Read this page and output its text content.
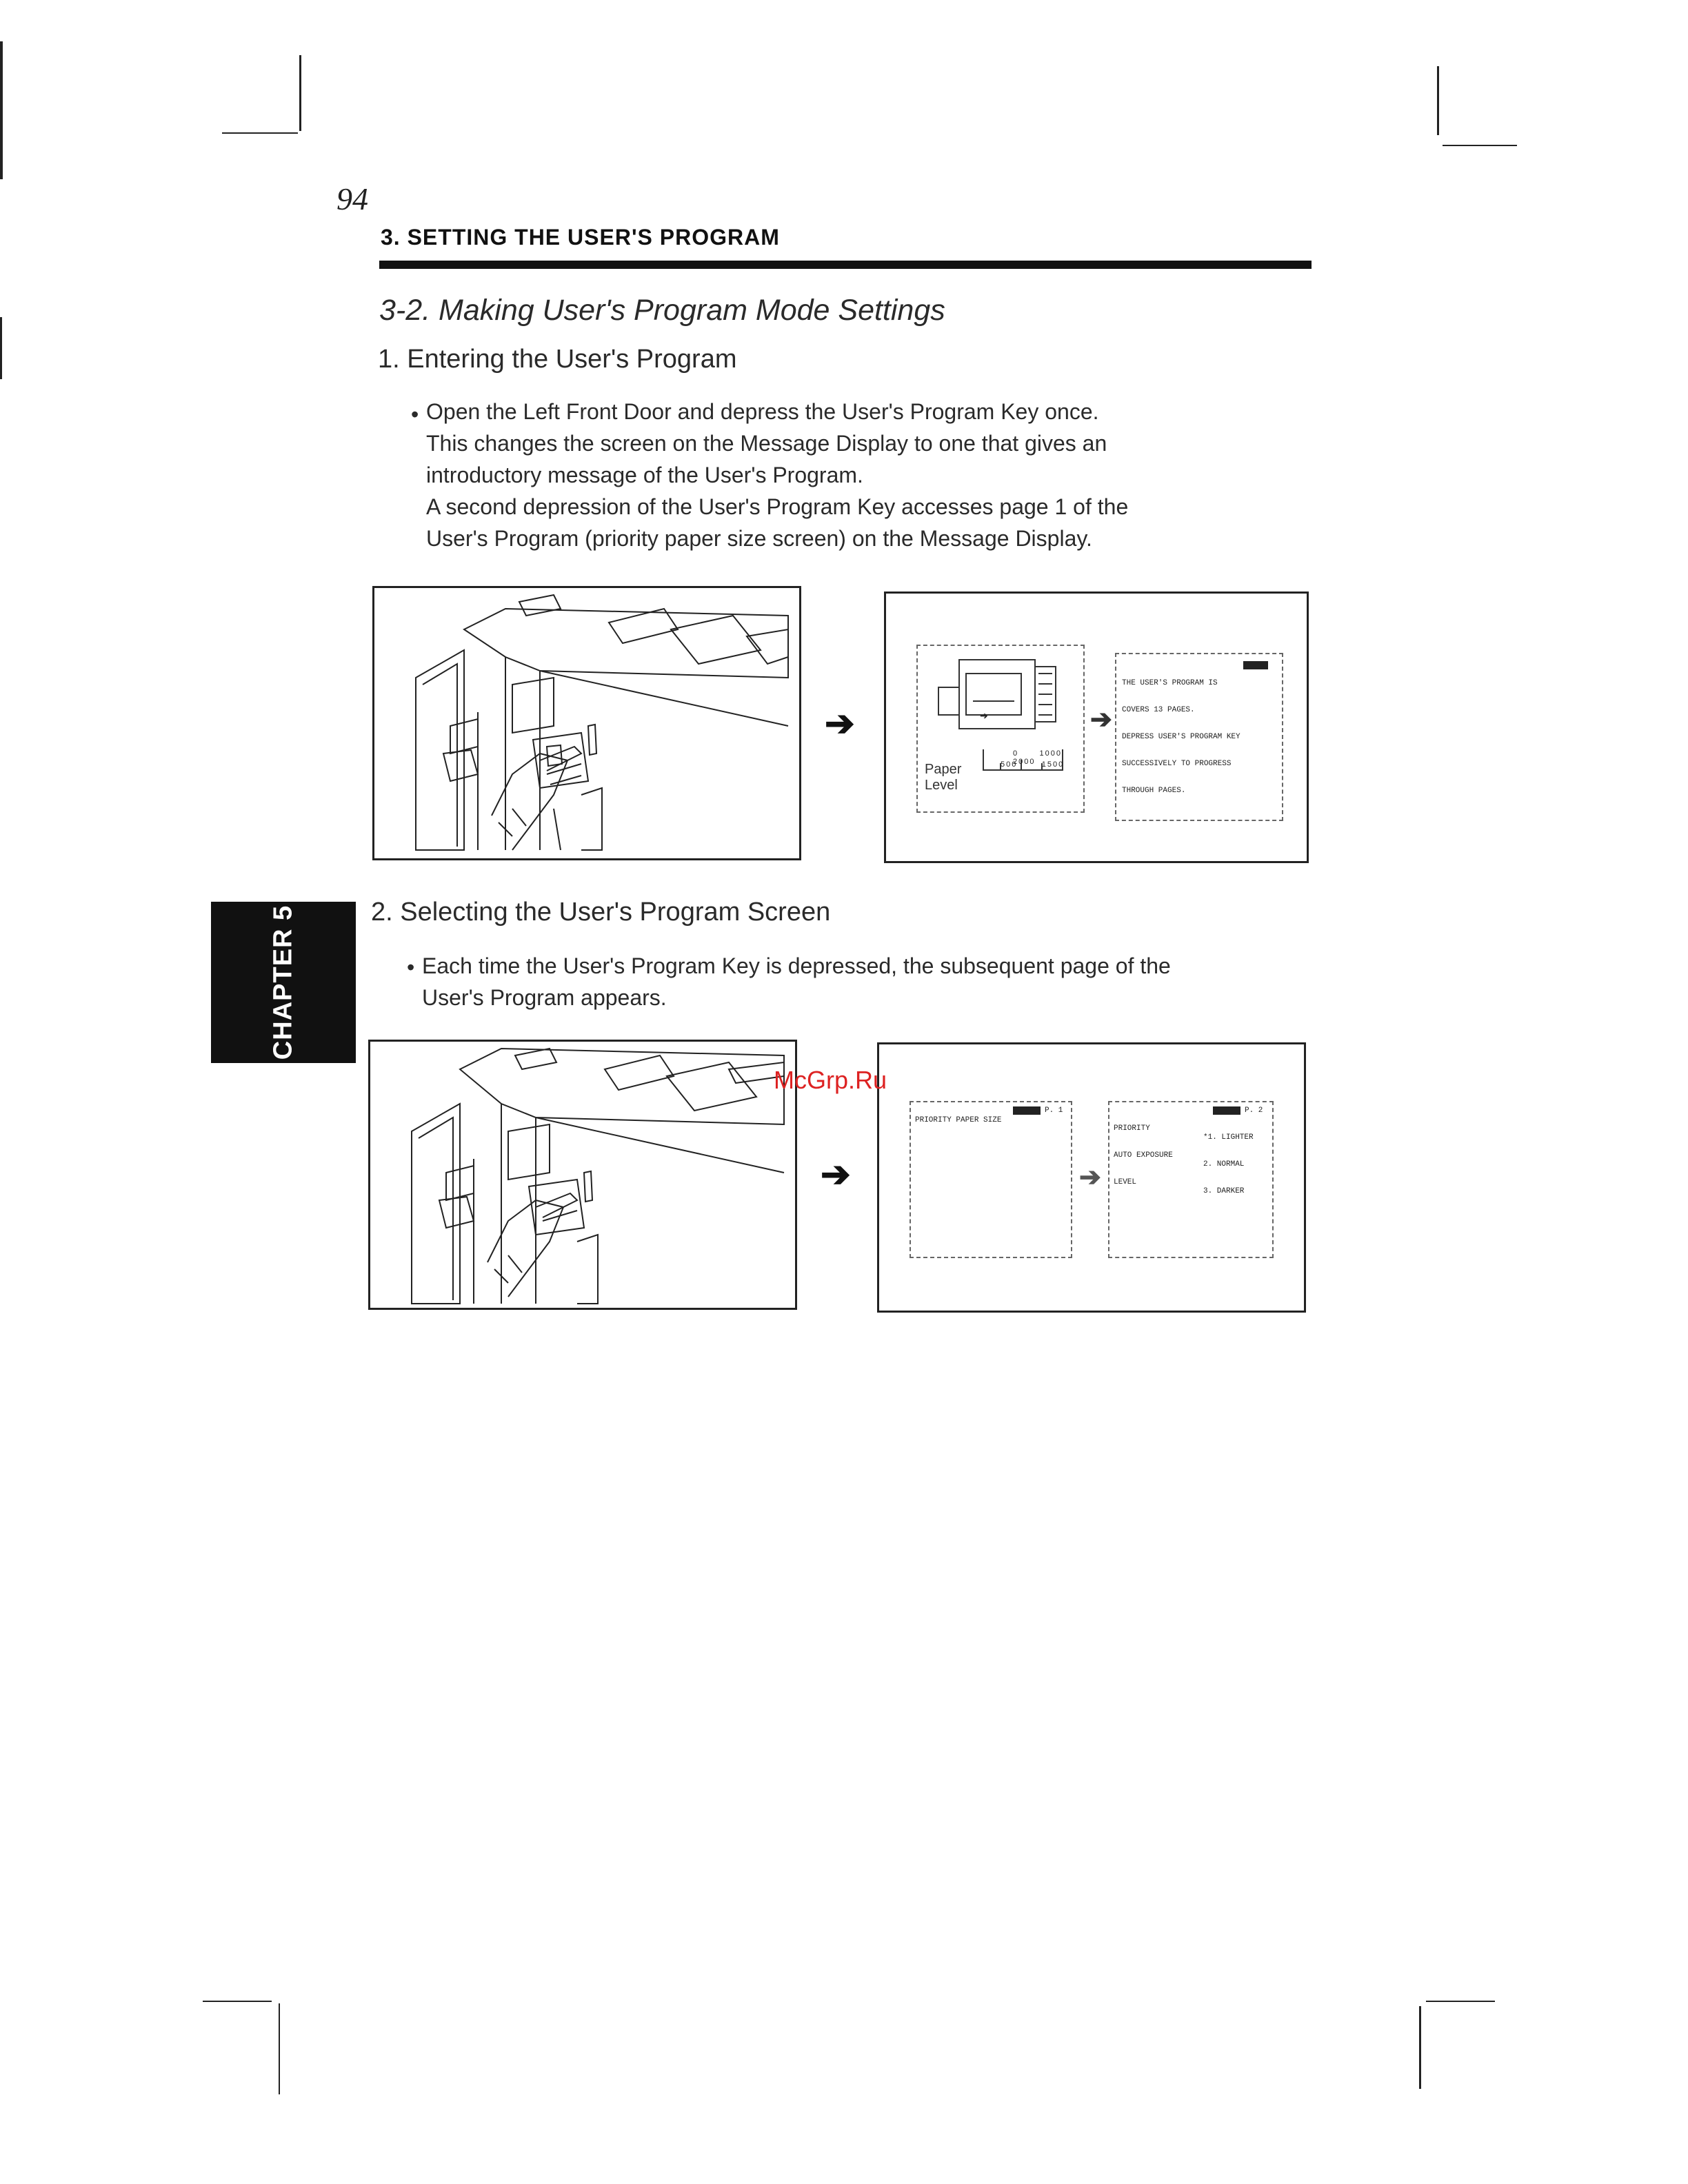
94
3. SETTING THE USER'S PROGRAM
3-2. Making User's Program Mode Settings
1. Entering the User's Program
• Open the Left Front Door and depress the User's Program Key once.
This changes the screen on the Message Display to one that gives an
introductory message of the User's Program.
A second depression of the User's Program Key accesses page 1 of the
User's Program (priority paper size screen) on the Message Display.
➔	➔
0	1000      2000
500	1500
Paper
Level
➔

THE USER'S PROGRAM IS

COVERS 13 PAGES.

DEPRESS USER'S PROGRAM KEY

SUCCESSIVELY TO PROGRESS

THROUGH PAGES.

CHAPTER 5	2. Selecting the User's Program Screen
• Each time the User's Program Key is depressed, the subsequent page of the
User's Program appears.
➔
PRIORITY PAPER SIZE
P. 1
➔

PRIORITY

AUTO EXPOSURE

LEVEL

P. 2

*1. LIGHTER

2. NORMAL

3. DARKER

McGrp.Ru
